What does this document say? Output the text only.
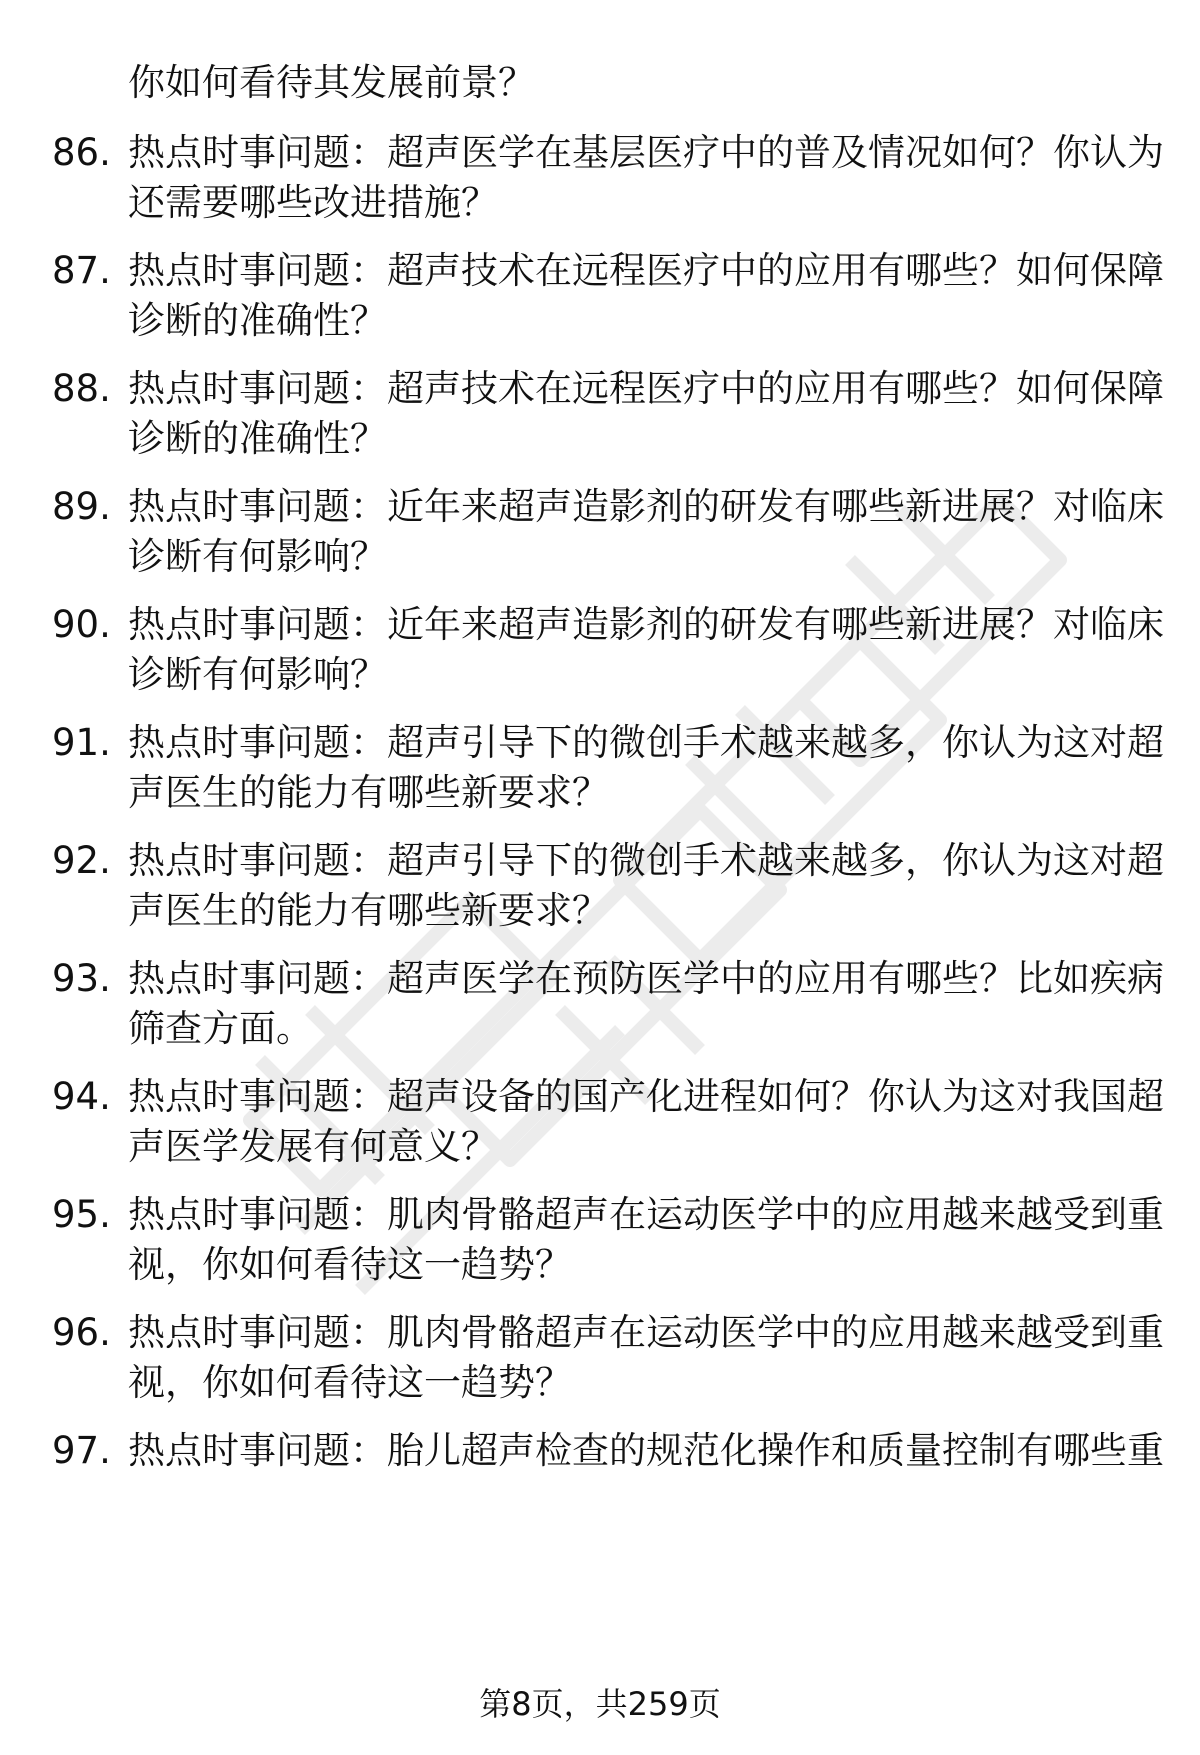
你如何看待其发展前景？
86. 热点时事问题：超声医学在基层医疗中的普及情况如何？你认为
还需要哪些改进措施？
87. 热点时事问题：超声技术在远程医疗中的应用有哪些？如何保障
诊断的准确性？
88. 热点时事问题：超声技术在远程医疗中的应用有哪些？如何保障
诊断的准确性？
89. 热点时事问题：近年来超声造影剂的研发有哪些新进展？对临床
诊断有何影响？
90. 热点时事问题：近年来超声造影剂的研发有哪些新进展？对临床
诊断有何影响？
91. 热点时事问题：超声引导下的微创手术越来越多，你认为这对超
声医生的能力有哪些新要求？
92. 热点时事问题：超声引导下的微创手术越来越多，你认为这对超
声医生的能力有哪些新要求？
93. 热点时事问题：超声医学在预防医学中的应用有哪些？比如疾病
筛查方面。
94. 热点时事问题：超声设备的国产化进程如何？你认为这对我国超
声医学发展有何意义？
95. 热点时事问题：肌肉骨骼超声在运动医学中的应用越来越受到重
视，你如何看待这一趋势？
96. 热点时事问题：肌肉骨骼超声在运动医学中的应用越来越受到重
视，你如何看待这一趋势？
97. 热点时事问题：胎儿超声检查的规范化操作和质量控制有哪些重
第8页，共259页
